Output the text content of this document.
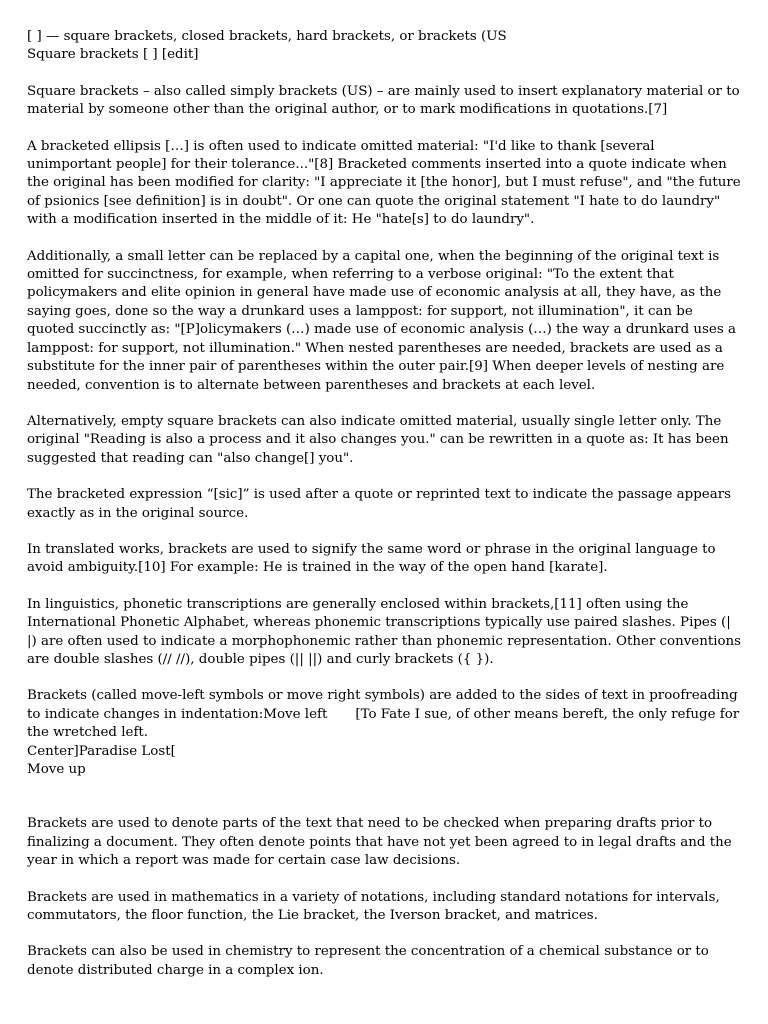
[ ] — square brackets, closed brackets, hard brackets, or brackets (US

Square brackets [ ] [edit]

Square brackets – also called simply brackets (US) – are mainly used to insert explanatory material or to material by someone other than the original author, or to mark modifications in quotations.[7]

A bracketed ellipsis […] is often used to indicate omitted material: "I'd like to thank [several unimportant people] for their tolerance..."[8] Bracketed comments inserted into a quote indicate when the original has been modified for clarity: "I appreciate it [the honor], but I must refuse", and "the future of psionics [see definition] is in doubt". Or one can quote the original statement "I hate to do laundry" with a modification inserted in the middle of it: He "hate[s] to do laundry".

Additionally, a small letter can be replaced by a capital one, when the beginning of the original text is omitted for succinctness, for example, when referring to a verbose original: "To the extent that policymakers and elite opinion in general have made use of economic analysis at all, they have, as the saying goes, done so the way a drunkard uses a lamppost: for support, not illumination", it can be quoted succinctly as: "[P]olicymakers (…) made use of economic analysis (…) the way a drunkard uses a lamppost: for support, not illumination." When nested parentheses are needed, brackets are used as a substitute for the inner pair of parentheses within the outer pair.[9] When deeper levels of nesting are needed, convention is to alternate between parentheses and brackets at each level.

Alternatively, empty square brackets can also indicate omitted material, usually single letter only. The original "Reading is also a process and it also changes you." can be rewritten in a quote as: It has been suggested that reading can "also change[] you".

The bracketed expression “[sic]” is used after a quote or reprinted text to indicate the passage appears exactly as in the original source.

In translated works, brackets are used to signify the same word or phrase in the original language to avoid ambiguity.[10] For example: He is trained in the way of the open hand [karate].

In linguistics, phonetic transcriptions are generally enclosed within brackets,[11] often using the International Phonetic Alphabet, whereas phonemic transcriptions typically use paired slashes. Pipes (| |) are often used to indicate a morphophonemic rather than phonemic representation. Other conventions are double slashes (// //), double pipes (|| ||) and curly brackets ({ }).

Brackets (called move-left symbols or move right symbols) are added to the sides of text in proofreading to indicate changes in indentation:Move left [To Fate I sue, of other means bereft, the only refuge for the wretched left.

Center]Paradise Lost[

Move up

Brackets are used to denote parts of the text that need to be checked when preparing drafts prior to finalizing a document. They often denote points that have not yet been agreed to in legal drafts and the year in which a report was made for certain case law decisions.

Brackets are used in mathematics in a variety of notations, including standard notations for intervals, commutators, the floor function, the Lie bracket, the Iverson bracket, and matrices.

Brackets can also be used in chemistry to represent the concentration of a chemical substance or to denote distributed charge in a complex ion.
